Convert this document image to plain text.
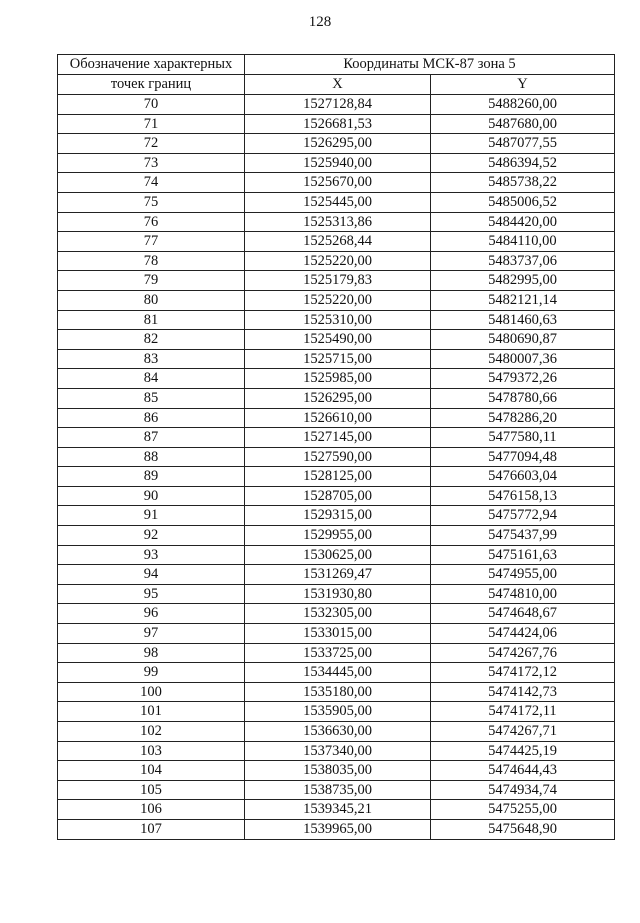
128
Обозначение характерных	Координаты МСК-87 зона 5	
точек границ	X	Y
70	1527128,84	5488260,00
71	1526681,53	5487680,00
72	1526295,00	5487077,55
73	1525940,00	5486394,52
74	1525670,00	5485738,22
75	1525445,00	5485006,52
76	1525313,86	5484420,00
77	1525268,44	5484110,00
78	1525220,00	5483737,06
79	1525179,83	5482995,00
80	1525220,00	5482121,14
81	1525310,00	5481460,63
82	1525490,00	5480690,87
83	1525715,00	5480007,36
84	1525985,00	5479372,26
85	1526295,00	5478780,66
86	1526610,00	5478286,20
87	1527145,00	5477580,11
88	1527590,00	5477094,48
89	1528125,00	5476603,04
90	1528705,00	5476158,13
91	1529315,00	5475772,94
92	1529955,00	5475437,99
93	1530625,00	5475161,63
94	1531269,47	5474955,00
95	1531930,80	5474810,00
96	1532305,00	5474648,67
97	1533015,00	5474424,06
98	1533725,00	5474267,76
99	1534445,00	5474172,12
100	1535180,00	5474142,73
101	1535905,00	5474172,11
102	1536630,00	5474267,71
103	1537340,00	5474425,19
104	1538035,00	5474644,43
105	1538735,00	5474934,74
106	1539345,21	5475255,00
107	1539965,00	5475648,90
